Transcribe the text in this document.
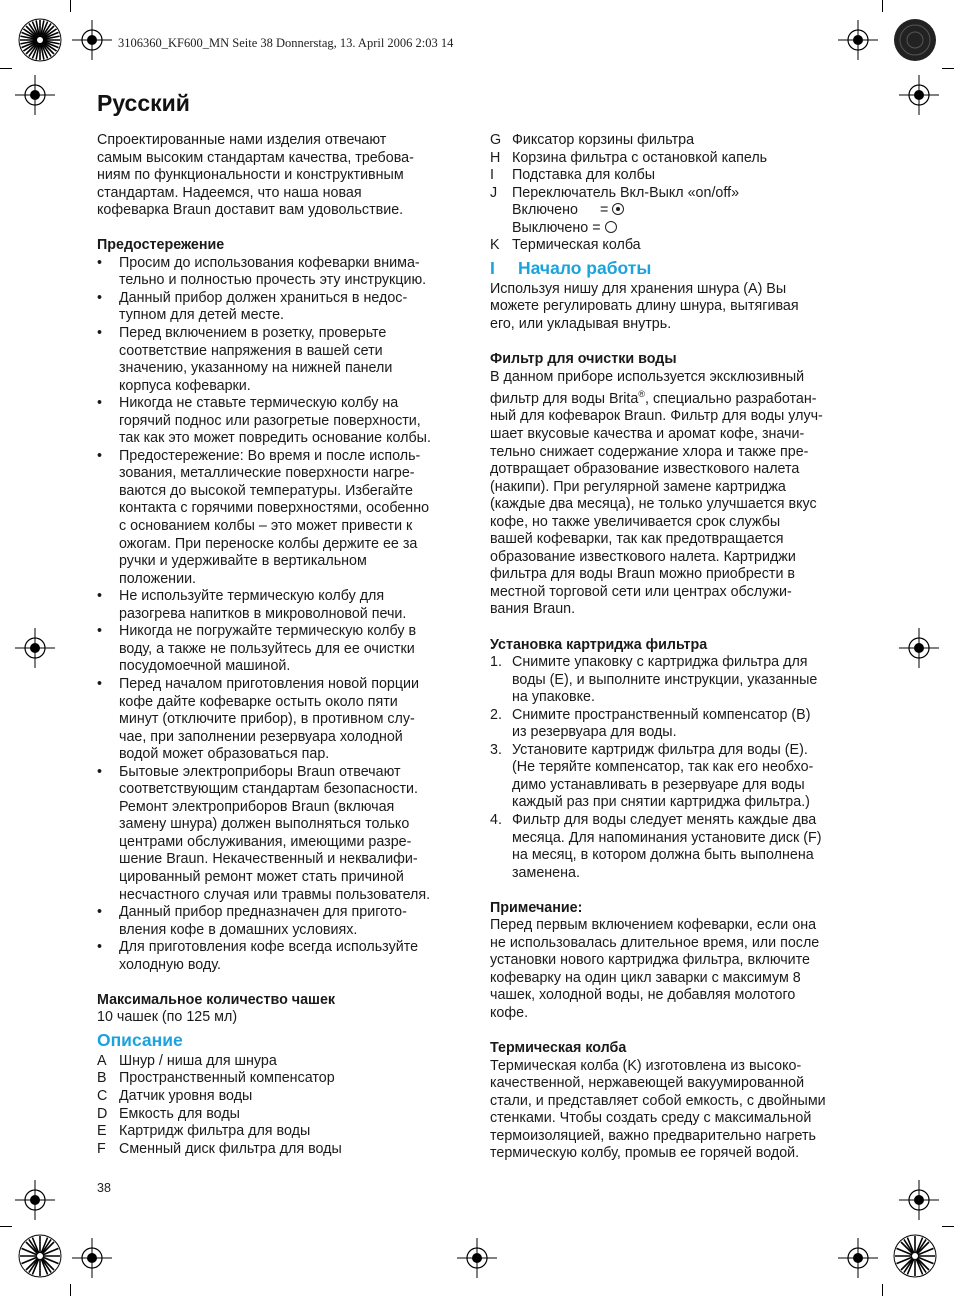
3106360_KF600_MN Seite 38 Donnerstag, 13. April 2006 2:03 14
Русский

Спроектированные нами изделия отвечают

самым высоким стандартам качества, требова-

ниям по функциональности и конструктивным

стандартам. Надеемся, что наша новая

кофеварка Braun доставит вам удовольствие.

Предостережение

• Просим до использования кофеварки внима-

тельно и полностью прочесть эту инструкцию.

• Данный прибор должен храниться в недос-

тупном для детей месте.

• Перед включением в розетку, проверьте

соответствие напряжения в вашей сети

значению, указанному на нижней панели

корпуса кофеварки.

• Никогда не ставьте термическую колбу на

горячий поднос или разогретые поверхности,

так как это может повредить основание колбы.

• Предостережение: Во время и после исполь-

зования, металлические поверхности нагре-

ваются до высокой температуры. Избегайте

контакта с горячими поверхностями, особенно

с основанием колбы – это может привести к

ожогам. При переноске колбы держите ее за

ручки и удерживайте в вертикальном

положении.

• Не используйте термическую колбу для

разогрева напитков в микроволновой печи.

• Никогда не погружайте термическую колбу в

воду, а также не пользуйтесь для ее очистки

посудомоечной машиной.

• Перед началом приготовления новой порции

кофе дайте кофеварке остыть около пяти

минут (отключите прибор), в противном слу-

чае, при заполнении резервуара холодной

водой может образоваться пар.

• Бытовые электроприборы Braun отвечают

соответствующим стандартам безопасности.

Ремонт электроприборов Braun (включая

замену шнура) должен выполняться только

центрами обслуживания, имеющими разре-

шение Braun. Некачественный и неквалифи-

цированный ремонт может стать причиной

несчастного случая или травмы пользователя.

• Данный прибор предназначен для пригото-

вления кофе в домашних условиях.

• Для приготовления кофе всегда используйте

холодную воду.

Максимальное количество чашек

10 чашек (по 125 мл)

Описание
A Шнур / ниша для шнура
B Пространственный компенсатор
C Датчик уровня воды
D Емкость для воды
E Картридж фильтра для воды
F Сменный диск фильтра для воды
G Фиксатор корзины фильтра
H Корзина фильтра с остановкой капель
I Подставка для колбы
J Переключатель Вкл-Выкл «on/off»
Включено =
Выключено =
K Термическая колба
I Начало работы

Используя нишу для хранения шнура (A) Вы

можете регулировать длину шнура, вытягивая

его, или укладывая внутрь.

Фильтр для очистки воды

В данном приборе используется эксклюзивный

фильтр для воды Brita®, специально разработан-

ный для кофеварок Braun. Фильтр для воды улуч-

шает вкусовые качества и аромат кофе, значи-

тельно снижает содержание хлора и также пре-

дотвращает образование известкового налета

(накипи). При регулярной замене картриджа

(каждые два месяца), не только улучшается вкус

кофе, но также увеличивается срок службы

вашей кофеварки, так как предотвращается

образование известкового налета. Картриджи

фильтра для воды Braun можно приобрести в

местной торговой сети или центрах обслужи-

вания Braun.

Установка картриджа фильтра

1. Снимите упаковку с картриджа фильтра для

воды (E), и выполните инструкции, указанные

на упаковке.

2. Снимите пространственный компенсатор (B)

из резервуара для воды.

3. Установите картридж фильтра для воды (E).

(Не теряйте компенсатор, так как его необхо-

димо устанавливать в резервуаре для воды

каждый раз при снятии картриджа фильтра.)

4. Фильтр для воды следует менять каждые два

месяца. Для напоминания установите диск (F)

на месяц, в котором должна быть выполнена

заменена.

Примечание:

Перед первым включением кофеварки, если она

не использовалась длительное время, или после

установки нового картриджа фильтра, включите

кофеварку на один цикл заварки с максимум 8

чашек, холодной воды, не добавляя молотого

кофе.

Термическая колба

Термическая колба (K) изготовлена из высоко-

качественной, нержавеющей вакуумированной

стали, и представляет собой емкость, с двойными

стенками. Чтобы создать среду с максимальной

термоизоляцией, важно предварительно нагреть

термическую колбу, промыв ее горячей водой.

38
